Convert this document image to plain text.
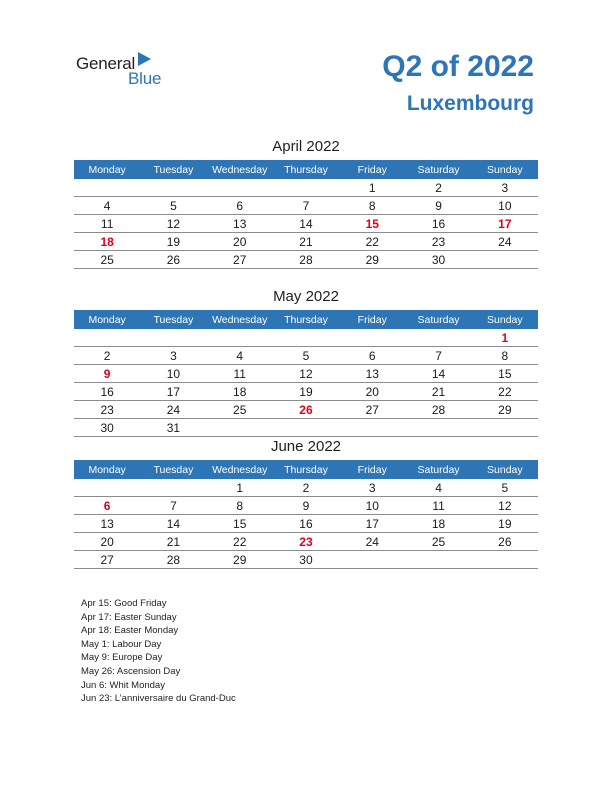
General
Blue	Q2 of 2022
Luxembourg
April 2022
Monday	Tuesday	Wednesday	Thursday	Friday	Saturday	Sunday
				1	2	3
4	5	6	7	8	9	10
11	12	13	14	15	16	17
18	19	20	21	22	23	24
25	26	27	28	29	30	
May 2022
Monday	Tuesday	Wednesday	Thursday	Friday	Saturday	Sunday
						1
2	3	4	5	6	7	8
9	10	11	12	13	14	15
16	17	18	19	20	21	22
23	24	25	26	27	28	29
30	31					
June 2022
Monday	Tuesday	Wednesday	Thursday	Friday	Saturday	Sunday
		1	2	3	4	5
6	7	8	9	10	11	12
13	14	15	16	17	18	19
20	21	22	23	24	25	26
27	28	29	30			
Apr 15: Good Friday
Apr 17: Easter Sunday
Apr 18: Easter Monday
May 1: Labour Day
May 9: Europe Day
May 26: Ascension Day
Jun 6: Whit Monday
Jun 23: L’anniversaire du Grand-Duc
